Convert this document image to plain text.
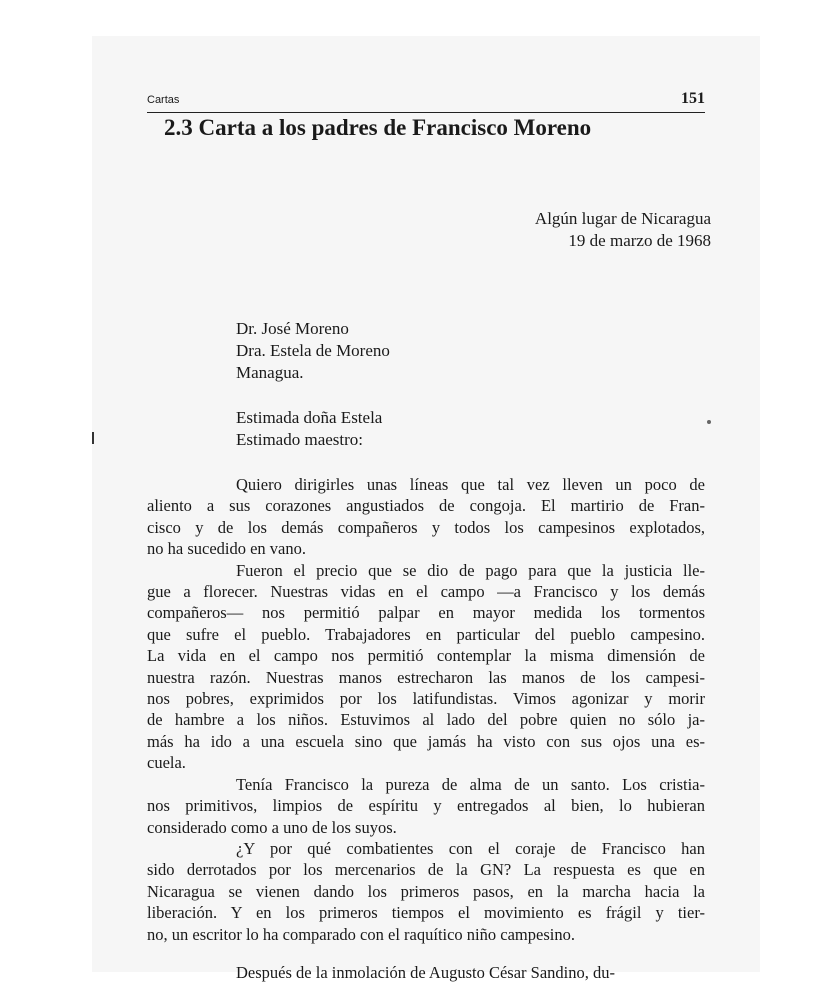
Cartas	151
2.3 Carta a los padres de Francisco Moreno
Algún lugar de Nicaragua
19 de marzo de 1968
Dr. José Moreno
Dra. Estela de Moreno
Managua.
Estimada doña Estela
Estimado maestro:

Quiero dirigirles unas líneas que tal vez lleven un poco de
aliento a sus corazones angustiados de congoja. El martirio de Fran-
cisco y de los demás compañeros y todos los campesinos explotados,
no ha sucedido en vano.

Fueron el precio que se dio de pago para que la justicia lle-
gue a florecer. Nuestras vidas en el campo —a Francisco y los demás
compañeros— nos permitió palpar en mayor medida los tormentos
que sufre el pueblo. Trabajadores en particular del pueblo campesino.
La vida en el campo nos permitió contemplar la misma dimensión de
nuestra razón. Nuestras manos estrecharon las manos de los campesi-
nos pobres, exprimidos por los latifundistas. Vimos agonizar y morir
de hambre a los niños. Estuvimos al lado del pobre quien no sólo ja-
más ha ido a una escuela sino que jamás ha visto con sus ojos una es-
cuela.

Tenía Francisco la pureza de alma de un santo. Los cristia-
nos primitivos, limpios de espíritu y entregados al bien, lo hubieran
considerado como a uno de los suyos.

¿Y por qué combatientes con el coraje de Francisco han
sido derrotados por los mercenarios de la GN? La respuesta es que en
Nicaragua se vienen dando los primeros pasos, en la marcha hacia la
liberación. Y en los primeros tiempos el movimiento es frágil y tier-
no, un escritor lo ha comparado con el raquítico niño campesino.

Después de la inmolación de Augusto César Sandino, du-
